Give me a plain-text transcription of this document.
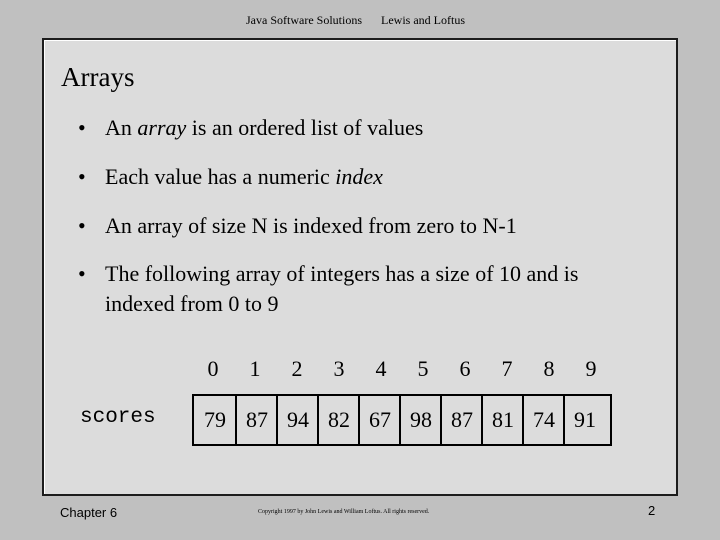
Java Software Solutions Lewis and Loftus
Arrays
• An array is an ordered list of values
• Each value has a numeric index
• An array of size N is indexed from zero to N-1
• The following array of integers has a size of 10 and is
indexed from 0 to 9
0	1	2	3	4	5	6	7	8	9
scores	79 87 94 82 67 98 87 81 74 91
Chapter 6	Copyright 1997 by John Lewis and William Loftus. All rights reserved.	2
